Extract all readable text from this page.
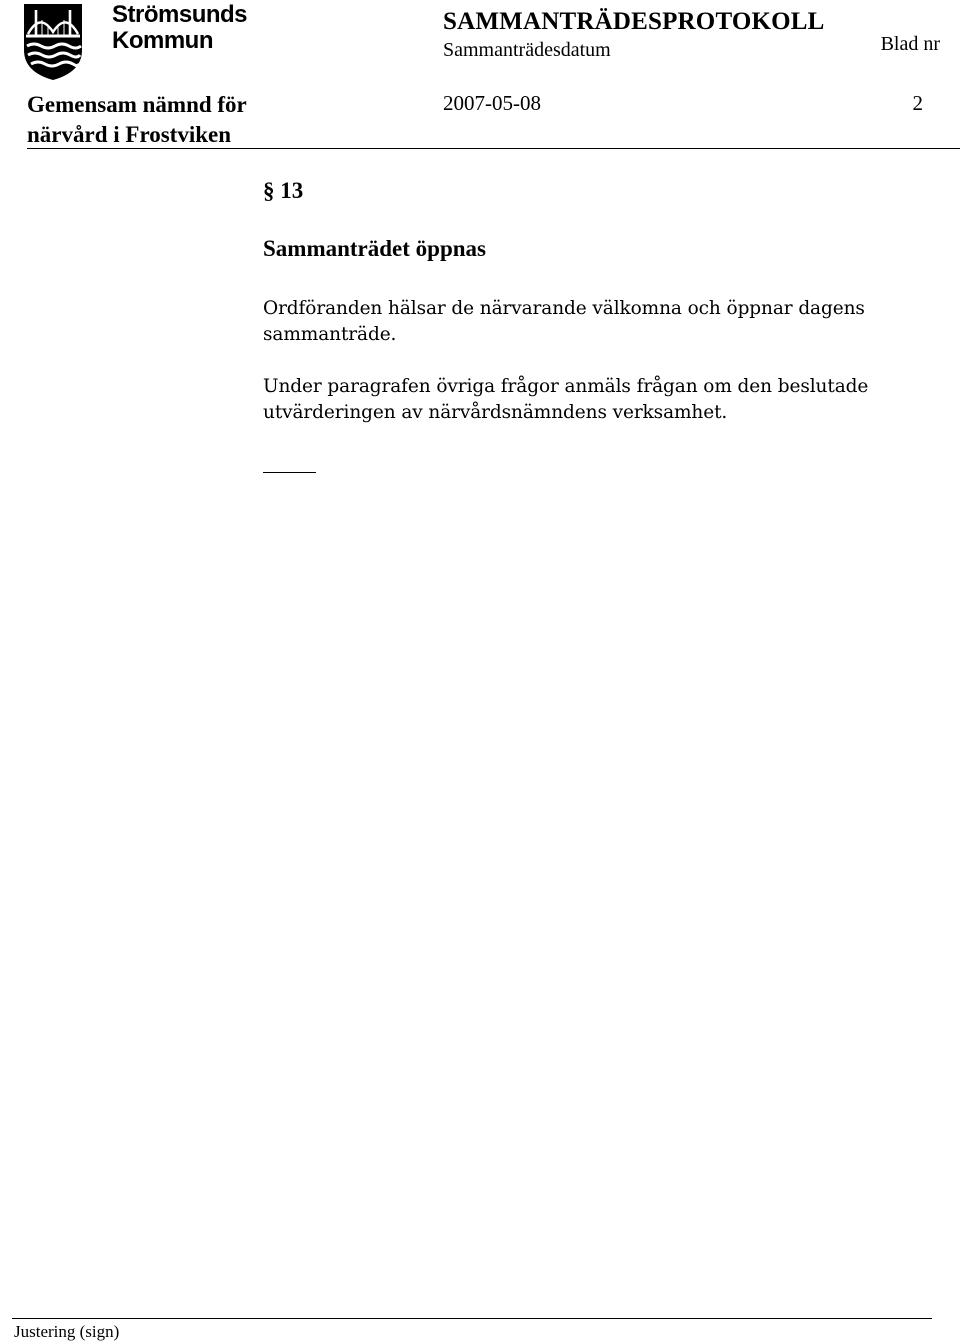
Strömsunds
Kommun
SAMMANTRÄDESPROTOKOLL
Sammanträdesdatum	Blad nr
Gemensam nämnd för
närvård i Frostviken
2007-05-08	2
§ 13
Sammanträdet öppnas
Ordföranden hälsar de närvarande välkomna och öppnar dagens sammanträde.
Under paragrafen övriga frågor anmäls frågan om den beslutade utvärderingen av närvårdsnämndens verksamhet.
Justering (sign)
